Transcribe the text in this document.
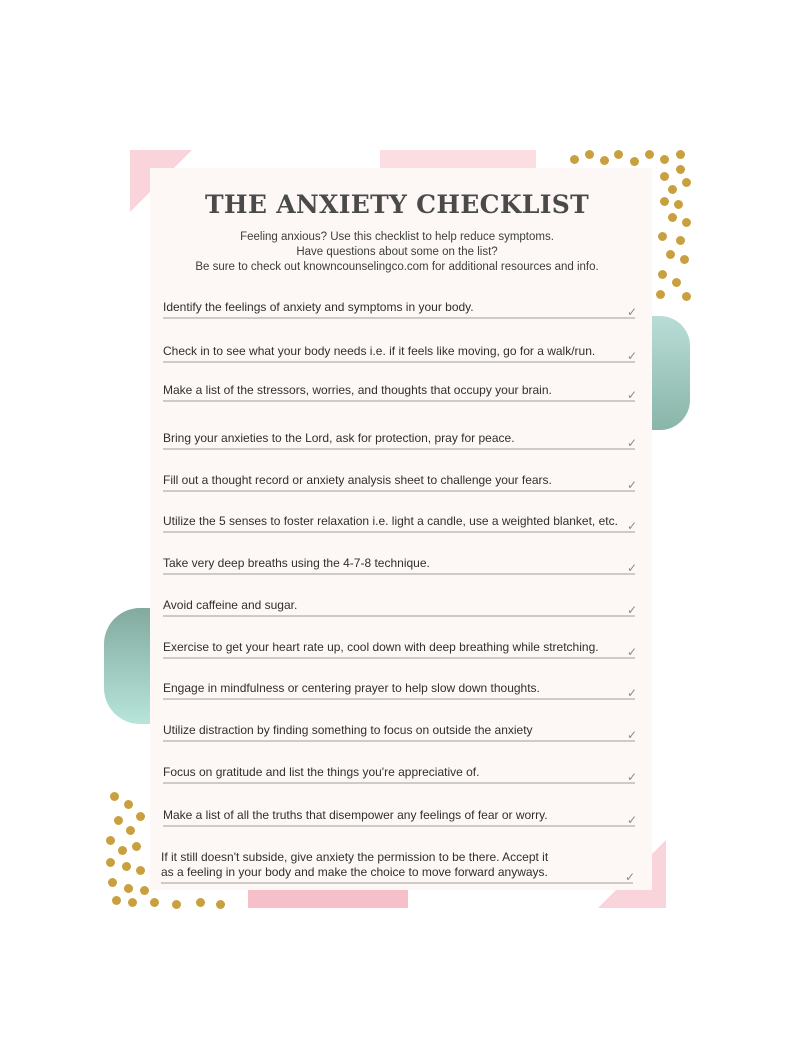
THE ANXIETY CHECKLIST
Feeling anxious? Use this checklist to help reduce symptoms.
Have questions about some on the list?
Be sure to check out knowncounselingco.com for additional resources and info.
Identify the feelings of anxiety and symptoms in your body.	✓
Check in to see what your body needs i.e. if it feels like moving, go for a walk/run.	✓
Make a list of the stressors, worries, and thoughts that occupy your brain.	✓
Bring your anxieties to the Lord, ask for protection, pray for peace.	✓
Fill out a thought record or anxiety analysis sheet to challenge your fears.	✓
Utilize the 5 senses to foster relaxation i.e. light a candle, use a weighted blanket, etc. ✓
Take very deep breaths using the 4-7-8 technique.	✓
Avoid caffeine and sugar.	✓
Exercise to get your heart rate up, cool down with deep breathing while stretching.	✓
Engage in mindfulness or centering prayer to help slow down thoughts.	✓
Utilize distraction by finding something to focus on outside the anxiety	✓
Focus on gratitude and list the things you're appreciative of.	✓
Make a list of all the truths that disempower any feelings of fear or worry.	✓
If it still doesn't subside, give anxiety the permission to be there. Accept it
as a feeling in your body and make the choice to move forward anyways.	✓
